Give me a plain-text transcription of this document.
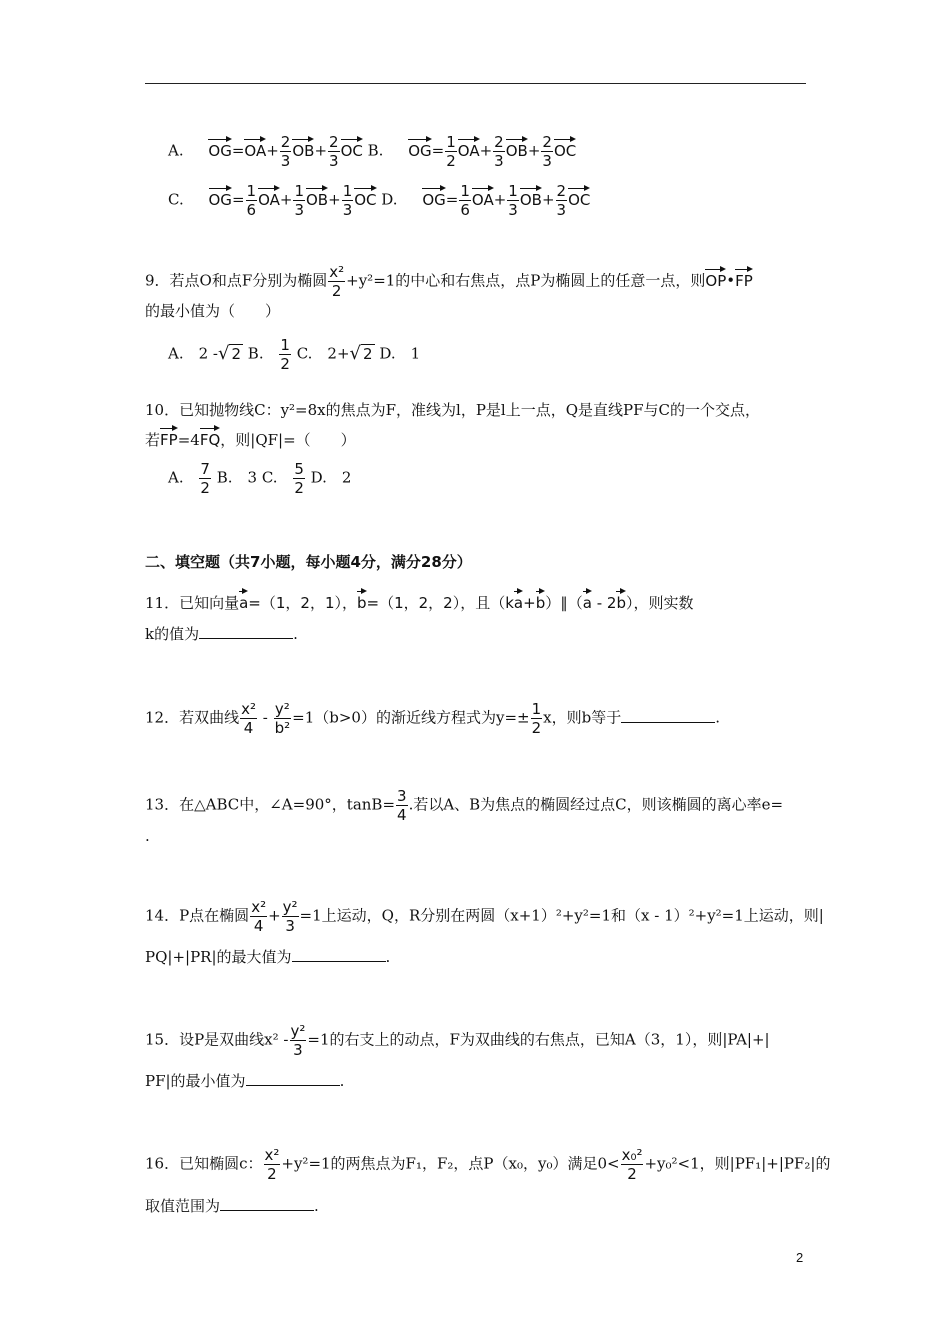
A. $OG=OA+ \frac{2}{3} OB+ \frac{2}{3}$ OC B. $OG= \frac{1}{2} OA+ \frac{2}{3} OB+ \frac{2}{3}$ OC
C. $OG= \frac{1}{6} OA+ \frac{1}{3} OB+ \frac{1}{3}$ OC D. $OG= \frac{1}{6} OA+ \frac{1}{3} OB+ \frac{2}{3}$ OC
9．若点O和点F分别为椭圆 $\frac{\text{x²}}{2} +y^2=1$的中心和右焦点，点P为椭圆上的任意一点，则OP•FP
的最小值为（　　）
A.　2 -√ 2 B. $\frac{1}{2} C$.　2+√ 2 D.　1
10．已知抛物线C：y²=8x的焦点为F，准线为l，P是l上一点，Q是直线PF与C的一个交点，
若FP=4FQ，则|QF|=（　　）
A. $\frac{7}{2} B$.　3 C. $\frac{5}{2} D$.　2
二、填空题（共7小题，每小题4分，满分28分）
11．已知向量a=（1，2，1），b=（1，2，2），且（ka+b）∥（a - 2b），则实数
k的值为	.
12．若双曲线 $\frac{\text{x²}}{4} - \frac{\text{y²}}{\text{b²}} =1(b>0)$的渐近线方程式为$y=\pm \frac{1}{2}$ x，则b等于	.
13．在△ABC中，∠A=90°，$\tan B= \frac{3}{4}$ .若以A、B为焦点的椭圆经过点C，则该椭圆的离心率e=
.
14．P点在椭圆 $\frac{\text{x²}}{4} + \frac{\text{y²}}{3} =1$上运动，Q，R分别在两圆（x+1）²+y²=1和（x - 1）²+y²=1上运动，则|
PQ|+|PR|的最大值为	.
15．设P是双曲线$x^2 - \frac{\text{y²}}{3} =1$的右支上的动点，F为双曲线的右焦点，已知A（3，1），则|PA|+|
PF|的最小值为	.
16．已知椭圆c： $\frac{\text{x²}}{2} +y^2=1$的两焦点为F₁，F₂，点P（x₀，y₀）满足$0< \frac{\text{x₀²}}{2} +y_0^2<1$，则|PF₁|+|PF₂|的
取值范围为	.
2
